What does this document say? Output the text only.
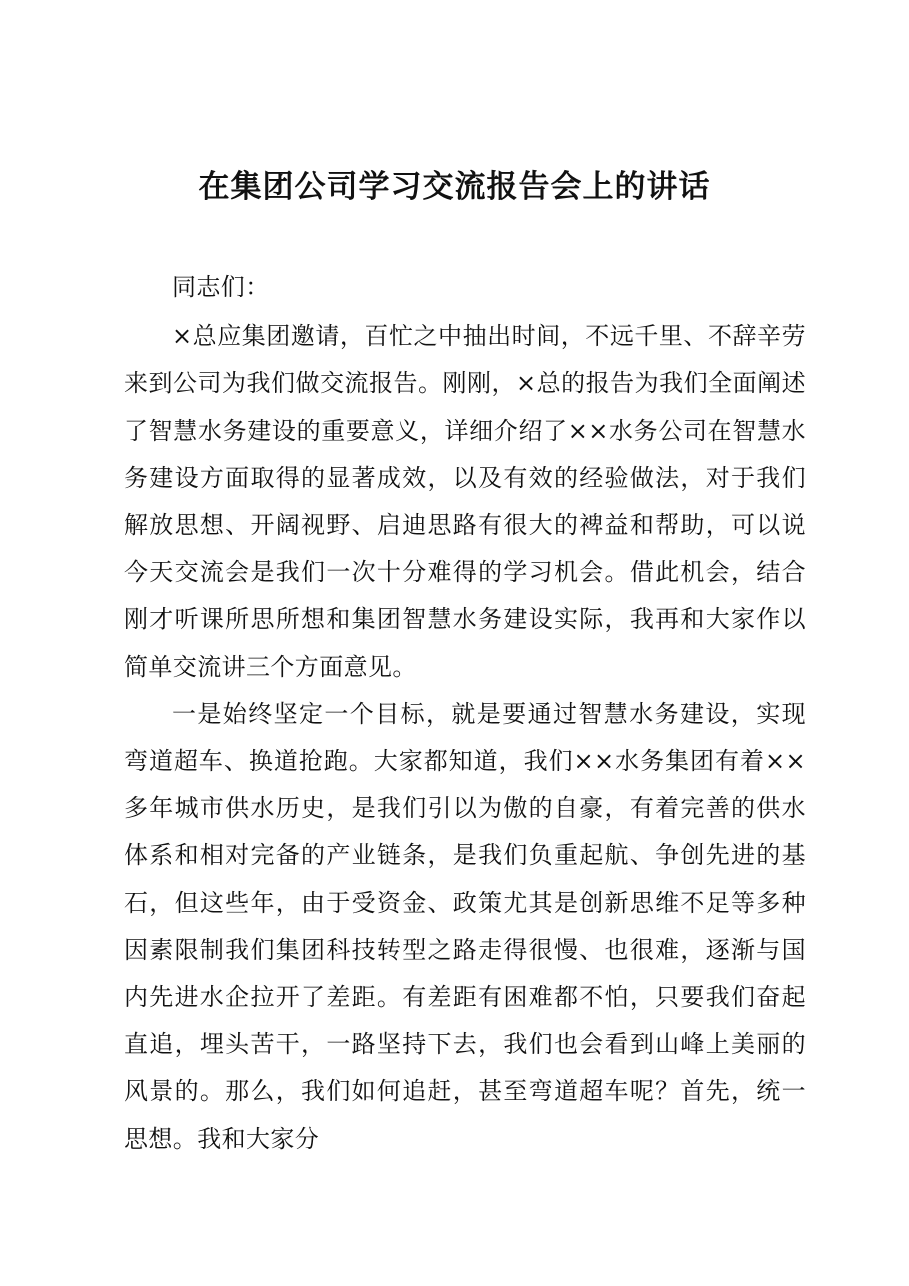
在集团公司学习交流报告会上的讲话

同志们：

×总应集团邀请，百忙之中抽出时间，不远千里、不辞辛劳来到公司为我们做交流报告。刚刚，×总的报告为我们全面阐述了智慧水务建设的重要意义，详细介绍了××水务公司在智慧水务建设方面取得的显著成效，以及有效的经验做法，对于我们解放思想、开阔视野、启迪思路有很大的裨益和帮助，可以说今天交流会是我们一次十分难得的学习机会。借此机会，结合刚才听课所思所想和集团智慧水务建设实际，我再和大家作以简单交流讲三个方面意见。

一是始终坚定一个目标，就是要通过智慧水务建设，实现弯道超车、换道抢跑。大家都知道，我们××水务集团有着××多年城市供水历史，是我们引以为傲的自豪，有着完善的供水体系和相对完备的产业链条，是我们负重起航、争创先进的基石，但这些年，由于受资金、政策尤其是创新思维不足等多种因素限制我们集团科技转型之路走得很慢、也很难，逐渐与国内先进水企拉开了差距。有差距有困难都不怕，只要我们奋起直追，埋头苦干，一路坚持下去，我们也会看到山峰上美丽的风景的。那么，我们如何追赶，甚至弯道超车呢？首先，统一思想。我和大家分
